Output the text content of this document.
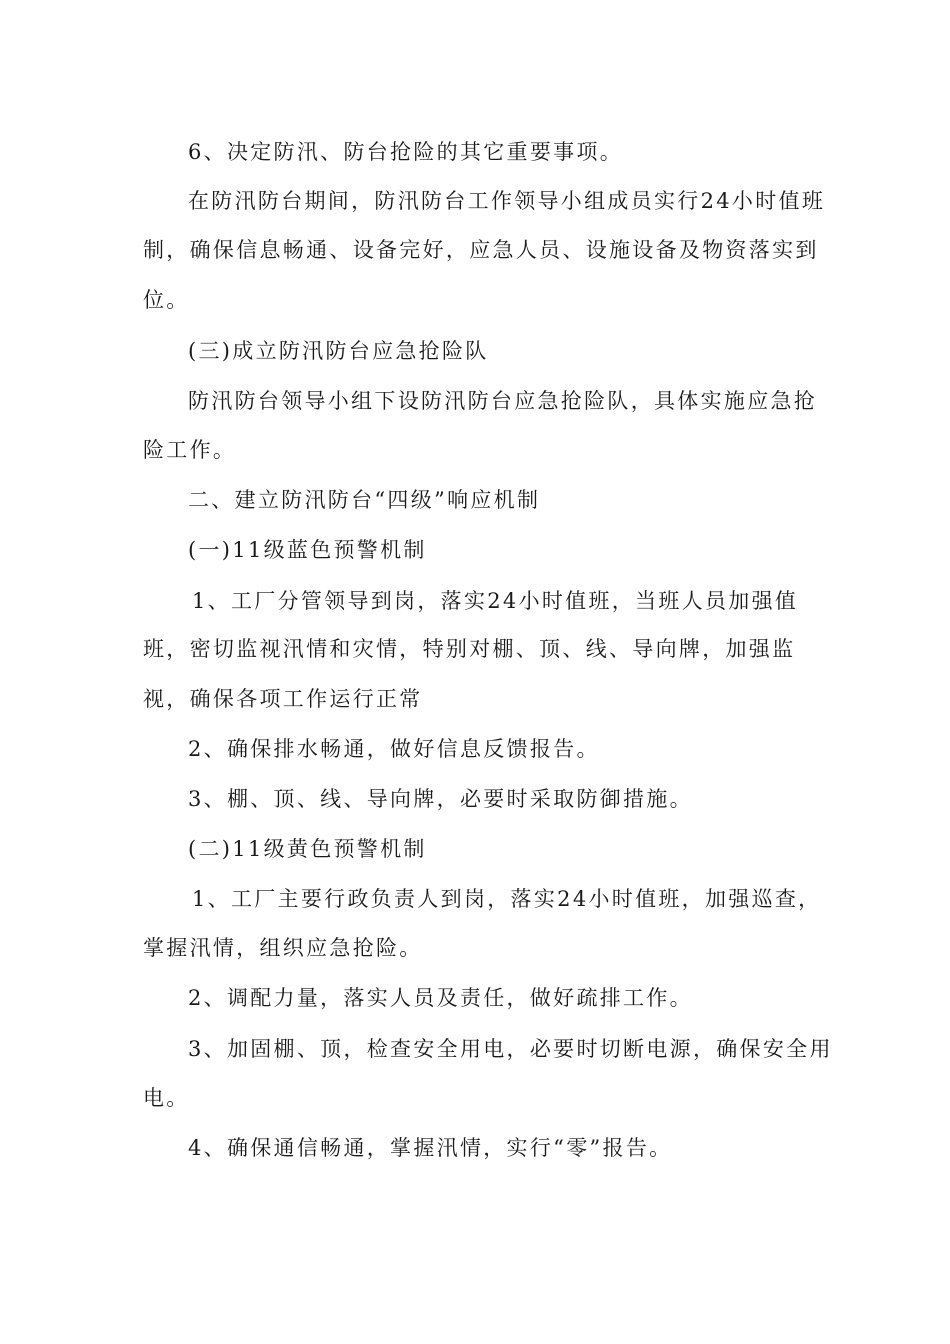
6、决定防汛、防台抢险的其它重要事项。
在防汛防台期间，防汛防台工作领导小组成员实行24小时值班
制，确保信息畅通、设备完好，应急人员、设施设备及物资落实到
位。
(三)成立防汛防台应急抢险队
防汛防台领导小组下设防汛防台应急抢险队，具体实施应急抢
险工作。
二、建立防汛防台“四级”响应机制
(一)11级蓝色预警机制
1、工厂分管领导到岗，落实24小时值班，当班人员加强值
班，密切监视汛情和灾情，特别对棚、顶、线、导向牌，加强监
视，确保各项工作运行正常
2、确保排水畅通，做好信息反馈报告。
3、棚、顶、线、导向牌，必要时采取防御措施。
(二)11级黄色预警机制
1、工厂主要行政负责人到岗，落实24小时值班，加强巡查，
掌握汛情，组织应急抢险。
2、调配力量，落实人员及责任，做好疏排工作。
3、加固棚、顶，检查安全用电，必要时切断电源，确保安全用
电。
4、确保通信畅通，掌握汛情，实行“零”报告。
